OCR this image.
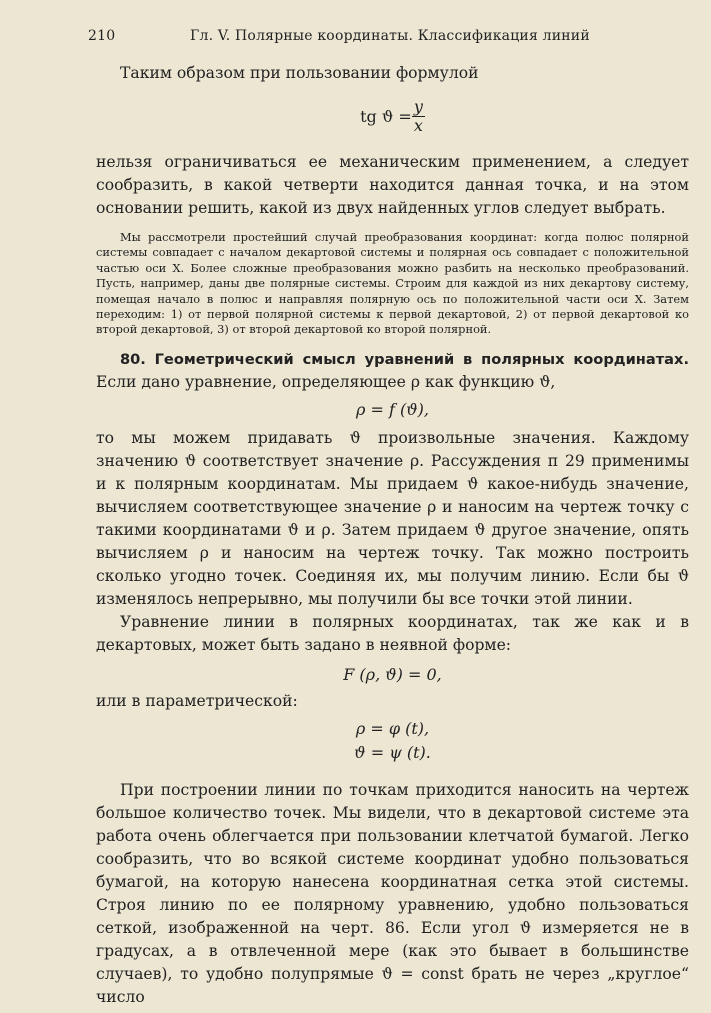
210	Гл. V. Полярные координаты. Классификация линий

Таким образом при пользовании формулой

tg $ϑ = \frac{y}{x}$

нельзя ограничиваться ее механическим применением, а следует сообразить, в какой четверти находится данная точка, и на этом основании решить, какой из двух найденных углов следует выбрать.

Мы рассмотрели простейший случай преобразования координат: когда полюс полярной системы совпадает с началом декартовой системы и полярная ось совпадает с положительной частью оси X. Более сложные преобразования можно разбить на несколько преобразований. Пусть, например, даны две полярные системы. Строим для каждой из них декартову систему, помещая начало в полюс и направляя полярную ось по положительной части оси X. Затем переходим: 1) от первой полярной системы к первой декартовой, 2) от первой декартовой ко второй декартовой, 3) от второй декартовой ко второй полярной.

80. Геометрический смысл уравнений в полярных координатах. Если дано уравнение, определяющее ρ как функцию ϑ,

ρ = f (ϑ),

то мы можем придавать ϑ произвольные значения. Каждому значению ϑ соответствует значение ρ. Рассуждения п 29 применимы и к полярным координатам. Мы придаем ϑ какое-нибудь значение, вычисляем соответствующее значение ρ и наносим на чертеж точку с такими координатами ϑ и ρ. Затем придаем ϑ другое значение, опять вычисляем ρ и наносим на чертеж точку. Так можно построить сколько угодно точек. Соединяя их, мы получим линию. Если бы ϑ изменялось непрерывно, мы получили бы все точки этой линии.

Уравнение линии в полярных координатах, так же как и в декартовых, может быть задано в неявной форме:

F (ρ, ϑ) = 0,

или в параметрической:

ρ = φ (t),
ϑ = ψ (t).

При построении линии по точкам приходится наносить на чертеж большое количество точек. Мы видели, что в декартовой системе эта работа очень облегчается при пользовании клетчатой бумагой. Легко сообразить, что во всякой системе координат удобно пользоваться бумагой, на которую нанесена координатная сетка этой системы. Строя линию по ее полярному уравнению, удобно пользоваться сеткой, изображенной на черт. 86. Если угол ϑ измеряется не в градусах, а в отвлеченной мере (как это бывает в большинстве случаев), то удобно полупрямые ϑ = const брать не через „круглое“ число
